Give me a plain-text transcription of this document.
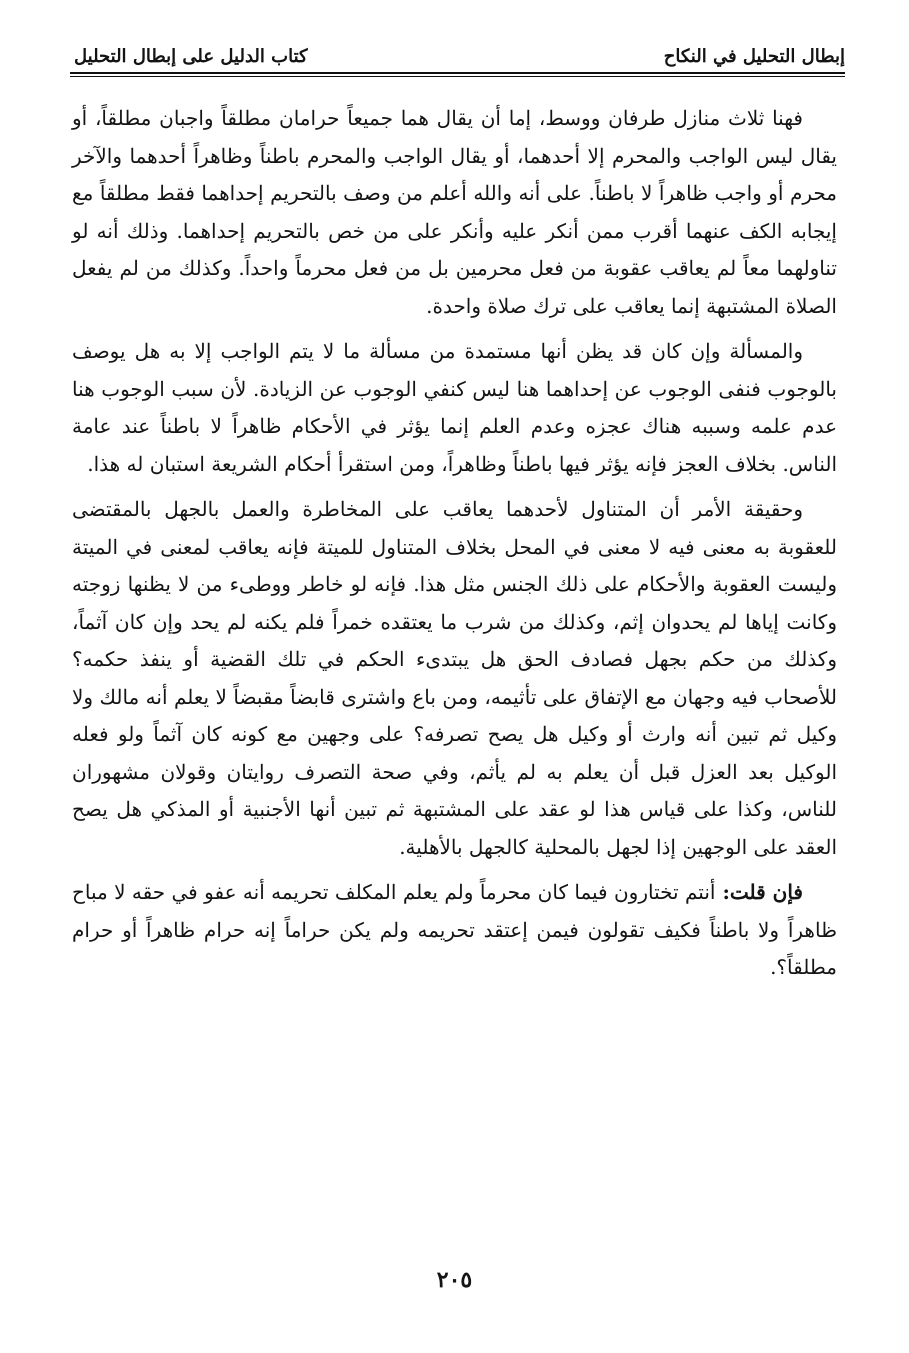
إبطال التحليل في النكاح
كتاب الدليل على إبطال التحليل

فهنا ثلاث منازل طرفان ووسط، إما أن يقال هما جميعاً حرامان مطلقاً واجبان مطلقاً، أو يقال ليس الواجب والمحرم إلا أحدهما، أو يقال الواجب والمحرم باطناً وظاهراً أحدهما والآخر محرم أو واجب ظاهراً لا باطناً. على أنه والله أعلم من وصف بالتحريم إحداهما فقط مطلقاً مع إيجابه الكف عنهما أقرب ممن أنكر عليه وأنكر على من خص بالتحريم إحداهما. وذلك أنه لو تناولهما معاً لم يعاقب عقوبة من فعل محرمين بل من فعل محرماً واحداً. وكذلك من لم يفعل الصلاة المشتبهة إنما يعاقب على ترك صلاة واحدة.

والمسألة وإن كان قد يظن أنها مستمدة من مسألة ما لا يتم الواجب إلا به هل يوصف بالوجوب فنفى الوجوب عن إحداهما هنا ليس كنفي الوجوب عن الزيادة. لأن سبب الوجوب هنا عدم علمه وسببه هناك عجزه وعدم العلم إنما يؤثر في الأحكام ظاهراً لا باطناً عند عامة الناس. بخلاف العجز فإنه يؤثر فيها باطناً وظاهراً، ومن استقرأ أحكام الشريعة استبان له هذا.

وحقيقة الأمر أن المتناول لأحدهما يعاقب على المخاطرة والعمل بالجهل بالمقتضى للعقوبة به معنى فيه لا معنى في المحل بخلاف المتناول للميتة فإنه يعاقب لمعنى في الميتة وليست العقوبة والأحكام على ذلك الجنس مثل هذا. فإنه لو خاطر ووطىء من لا يظنها زوجته وكانت إياها لم يحدوان إثم، وكذلك من شرب ما يعتقده خمراً فلم يكنه لم يحد وإن كان آثماً، وكذلك من حكم بجهل فصادف الحق هل يبتدىء الحكم في تلك القضية أو ينفذ حكمه؟ للأصحاب فيه وجهان مع الإتفاق على تأثيمه، ومن باع واشترى قابضاً مقبضاً لا يعلم أنه مالك ولا وكيل ثم تبين أنه وارث أو وكيل هل يصح تصرفه؟ على وجهين مع كونه كان آثماً ولو فعله الوكيل بعد العزل قبل أن يعلم به لم يأثم، وفي صحة التصرف روايتان وقولان مشهوران للناس، وكذا على قياس هذا لو عقد على المشتبهة ثم تبين أنها الأجنبية أو المذكي هل يصح العقد على الوجهين إذا لجهل بالمحلية كالجهل بالأهلية.

فإن قلت: أنتم تختارون فيما كان محرماً ولم يعلم المكلف تحريمه أنه عفو في حقه لا مباح ظاهراً ولا باطناً فكيف تقولون فيمن إعتقد تحريمه ولم يكن حراماً إنه حرام ظاهراً أو حرام مطلقاً؟.

٢٠٥
